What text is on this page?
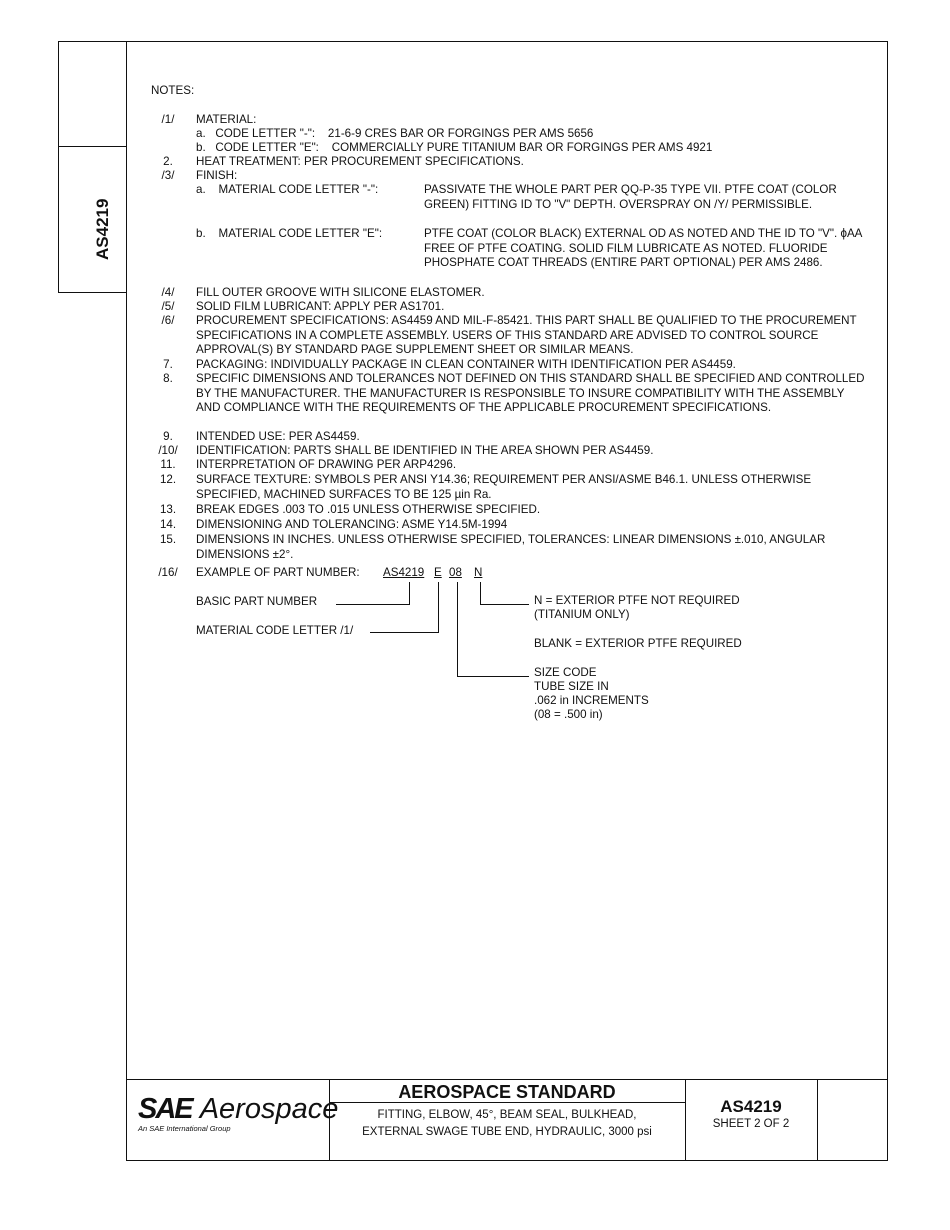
AS4219
NOTES:
/1/	MATERIAL:
a.   CODE LETTER "-":    21-6-9 CRES BAR OR FORGINGS PER AMS 5656
b.   CODE LETTER "E":    COMMERCIALLY PURE TITANIUM BAR OR FORGINGS PER AMS 4921
2.	HEAT TREATMENT: PER PROCUREMENT SPECIFICATIONS.
/3/	FINISH:
a.    MATERIAL CODE LETTER "-":	PASSIVATE THE WHOLE PART PER QQ-P-35 TYPE VII. PTFE COAT (COLOR GREEN) FITTING ID TO "V" DEPTH. OVERSPRAY ON /Y/ PERMISSIBLE.
b.    MATERIAL CODE LETTER "E":	PTFE COAT (COLOR BLACK) EXTERNAL OD AS NOTED AND THE ID TO "V". ϕAA FREE OF PTFE COATING. SOLID FILM LUBRICATE AS NOTED. FLUORIDE PHOSPHATE COAT THREADS (ENTIRE PART OPTIONAL) PER AMS 2486.
/4/	FILL OUTER GROOVE WITH SILICONE ELASTOMER.
/5/	SOLID FILM LUBRICANT: APPLY PER AS1701.
/6/	PROCUREMENT SPECIFICATIONS: AS4459 AND MIL-F-85421. THIS PART SHALL BE QUALIFIED TO THE PROCUREMENT SPECIFICATIONS IN A COMPLETE ASSEMBLY. USERS OF THIS STANDARD ARE ADVISED TO CONTROL SOURCE APPROVAL(S) BY STANDARD PAGE SUPPLEMENT SHEET OR SIMILAR MEANS.
7.	PACKAGING: INDIVIDUALLY PACKAGE IN CLEAN CONTAINER WITH IDENTIFICATION PER AS4459.
8.	SPECIFIC DIMENSIONS AND TOLERANCES NOT DEFINED ON THIS STANDARD SHALL BE SPECIFIED AND CONTROLLED BY THE MANUFACTURER. THE MANUFACTURER IS RESPONSIBLE TO INSURE COMPATIBILITY WITH THE ASSEMBLY AND COMPLIANCE WITH THE REQUIREMENTS OF THE APPLICABLE PROCUREMENT SPECIFICATIONS.
9.	INTENDED USE: PER AS4459.
/10/	IDENTIFICATION: PARTS SHALL BE IDENTIFIED IN THE AREA SHOWN PER AS4459.
11.	INTERPRETATION OF DRAWING PER ARP4296.
12.	SURFACE TEXTURE: SYMBOLS PER ANSI Y14.36; REQUIREMENT PER ANSI/ASME B46.1. UNLESS OTHERWISE SPECIFIED, MACHINED SURFACES TO BE 125 µin Ra.
13.	BREAK EDGES .003 TO .015 UNLESS OTHERWISE SPECIFIED.
14.	DIMENSIONING AND TOLERANCING: ASME Y14.5M-1994
15.	DIMENSIONS IN INCHES. UNLESS OTHERWISE SPECIFIED, TOLERANCES: LINEAR DIMENSIONS ±.010, ANGULAR DIMENSIONS ±2°.
/16/	EXAMPLE OF PART NUMBER: AS4219 E 08 N
BASIC PART NUMBER
MATERIAL CODE LETTER /1/
N = EXTERIOR PTFE NOT REQUIRED
(TITANIUM ONLY)
BLANK = EXTERIOR PTFE REQUIRED
SIZE CODE
TUBE SIZE IN
.062 in INCREMENTS
(08 = .500 in)
SAE Aerospace
An SAE International Group
AEROSPACE STANDARD
FITTING, ELBOW, 45°, BEAM SEAL, BULKHEAD,
EXTERNAL SWAGE TUBE END, HYDRAULIC, 3000 psi
AS4219
SHEET 2 OF 2
